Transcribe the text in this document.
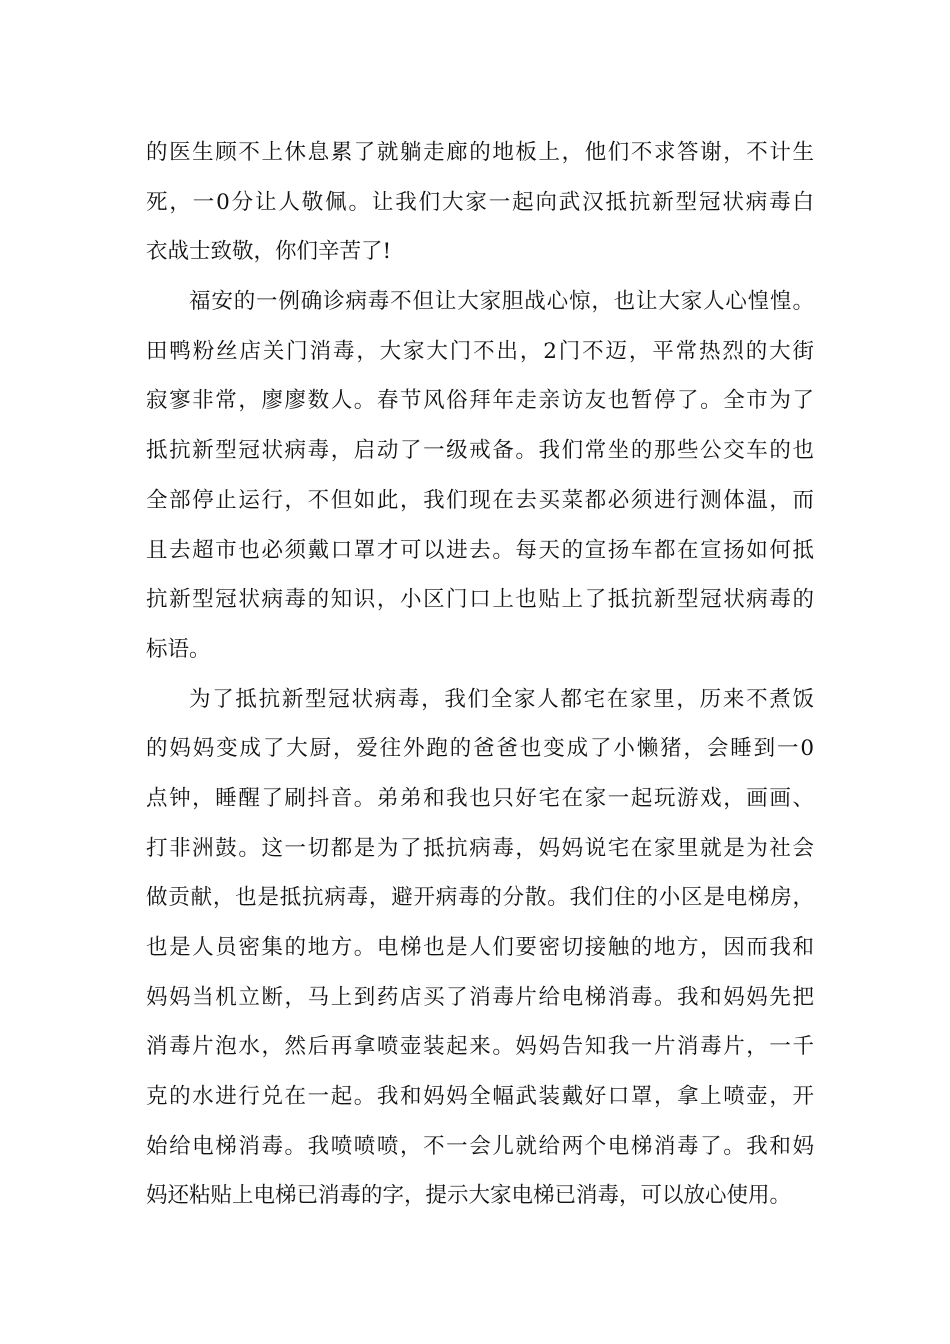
的医生顾不上休息累了就躺走廊的地板上，他们不求答谢，不计生
死，一0分让人敬佩。让我们大家一起向武汉抵抗新型冠状病毒白
衣战士致敬，你们辛苦了!
福安的一例确诊病毒不但让大家胆战心惊，也让大家人心惶惶。
田鸭粉丝店关门消毒，大家大门不出，2门不迈，平常热烈的大街
寂寥非常，廖廖数人。春节风俗拜年走亲访友也暂停了。全市为了
抵抗新型冠状病毒，启动了一级戒备。我们常坐的那些公交车的也
全部停止运行，不但如此，我们现在去买菜都必须进行测体温，而
且去超市也必须戴口罩才可以进去。每天的宣扬车都在宣扬如何抵
抗新型冠状病毒的知识，小区门口上也贴上了抵抗新型冠状病毒的
标语。
为了抵抗新型冠状病毒，我们全家人都宅在家里，历来不煮饭
的妈妈变成了大厨，爱往外跑的爸爸也变成了小懒猪，会睡到一0
点钟，睡醒了刷抖音。弟弟和我也只好宅在家一起玩游戏，画画、
打非洲鼓。这一切都是为了抵抗病毒，妈妈说宅在家里就是为社会
做贡献，也是抵抗病毒，避开病毒的分散。我们住的小区是电梯房，
也是人员密集的地方。电梯也是人们要密切接触的地方，因而我和
妈妈当机立断，马上到药店买了消毒片给电梯消毒。我和妈妈先把
消毒片泡水，然后再拿喷壶装起来。妈妈告知我一片消毒片，一千
克的水进行兑在一起。我和妈妈全幅武装戴好口罩，拿上喷壶，开
始给电梯消毒。我喷喷喷，不一会儿就给两个电梯消毒了。我和妈
妈还粘贴上电梯已消毒的字，提示大家电梯已消毒，可以放心使用。
